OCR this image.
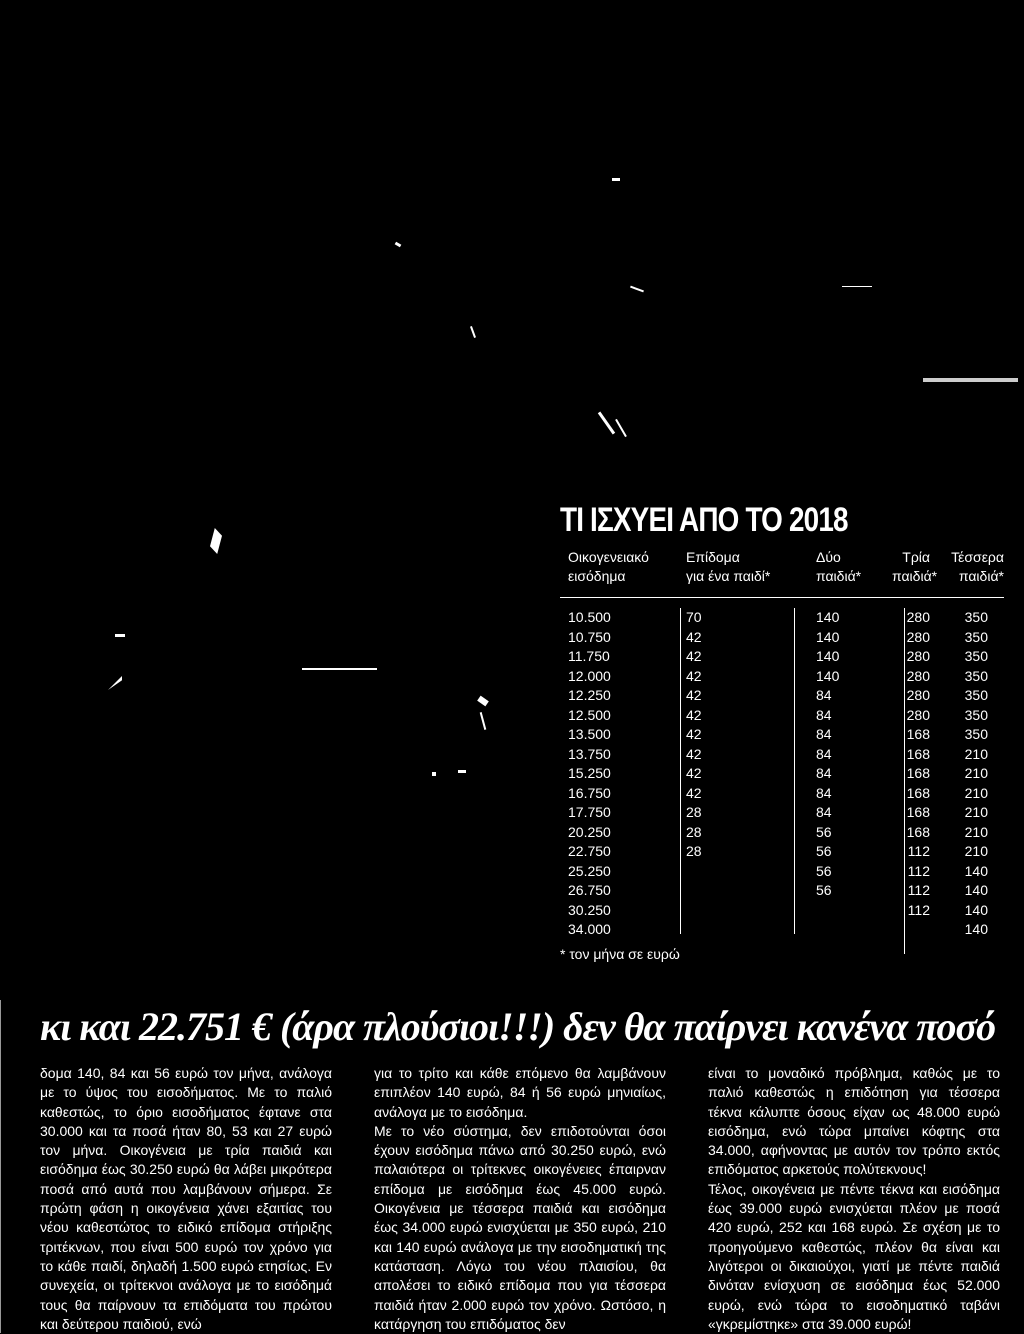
ΤΙ ΙΣΧΥΕΙ ΑΠΟ ΤΟ 2018
Οικογενειακό
εισόδημα
Επίδομα
για ένα παιδί*
Δύο
παιδιά*
Τρία
παιδιά*
Τέσσερα
παιδιά*
10.500
10.750
11.750
12.000
12.250
12.500
13.500
13.750
15.250
16.750
17.750
20.250
22.750
25.250
26.750
30.250
34.000
70
42
42
42
42
42
42
42
42
42
28
28
28
140
140
140
140
84
84
84
84
84
84
84
56
56
56
56
280
280
280
280
280
280
168
168
168
168
168
168
112
112
112
112
350
350
350
350
350
350
350
210
210
210
210
210
210
140
140
140
140
* τον μήνα σε ευρώ
κι και 22.751 € (άρα πλούσιοι!!!) δεν θα παίρνει κανένα ποσό
δομα 140, 84 και 56 ευρώ τον μήνα, ανάλογα με το ύψος του εισοδήματος. Με το παλιό καθεστώς, το όριο εισοδήματος έφτανε στα 30.000 και τα ποσά ήταν 80, 53 και 27 ευρώ τον μήνα. Οικογένεια με τρία παιδιά και εισόδημα έως 30.250 ευρώ θα λάβει μικρότερα ποσά από αυτά που λαμβάνουν σήμερα. Σε πρώτη φάση η οικογένεια χάνει εξαιτίας του νέου καθεστώτος το ειδικό επίδομα στήριξης τριτέκνων, που είναι 500 ευρώ τον χρόνο για το κάθε παιδί, δηλαδή 1.500 ευρώ ετησίως. Εν συνεχεία, οι τρίτεκνοι ανάλογα με το εισόδημά τους θα παίρνουν τα επιδόματα του πρώτου και δεύτερου παιδιού, ενώ
για το τρίτο και κάθε επόμενο θα λαμβάνουν επιπλέον 140 ευρώ, 84 ή 56 ευρώ μηνιαίως, ανάλογα με το εισόδημα.
Με το νέο σύστημα, δεν επιδοτούνται όσοι έχουν εισόδημα πάνω από 30.250 ευρώ, ενώ παλαιότερα οι τρίτεκνες οικογένειες έπαιρναν επίδομα με εισόδημα έως 45.000 ευρώ. Οικογένεια με τέσσερα παιδιά και εισόδημα έως 34.000 ευρώ ενισχύεται με 350 ευρώ, 210 και 140 ευρώ ανάλογα με την εισοδηματική της κατάσταση. Λόγω του νέου πλαισίου, θα απολέσει το ειδικό επίδομα που για τέσσερα παιδιά ήταν 2.000 ευρώ τον χρόνο. Ωστόσο, η κατάργηση του επιδόματος δεν
είναι το μοναδικό πρόβλημα, καθώς με το παλιό καθεστώς η επιδότηση για τέσσερα τέκνα κάλυπτε όσους είχαν ως 48.000 ευρώ εισόδημα, ενώ τώρα μπαίνει κόφτης στα 34.000, αφήνοντας με αυτόν τον τρόπο εκτός επιδόματος αρκετούς πολύτεκνους!
Τέλος, οικογένεια με πέντε τέκνα και εισόδημα έως 39.000 ευρώ ενισχύεται πλέον με ποσά 420 ευρώ, 252 και 168 ευρώ. Σε σχέση με το προηγούμενο καθεστώς, πλέον θα είναι και λιγότεροι οι δικαιούχοι, γιατί με πέντε παιδιά δινόταν ενίσχυση σε εισόδημα έως 52.000 ευρώ, ενώ τώρα το εισοδηματικό ταβάνι «γκρεμίστηκε» στα 39.000 ευρώ!
